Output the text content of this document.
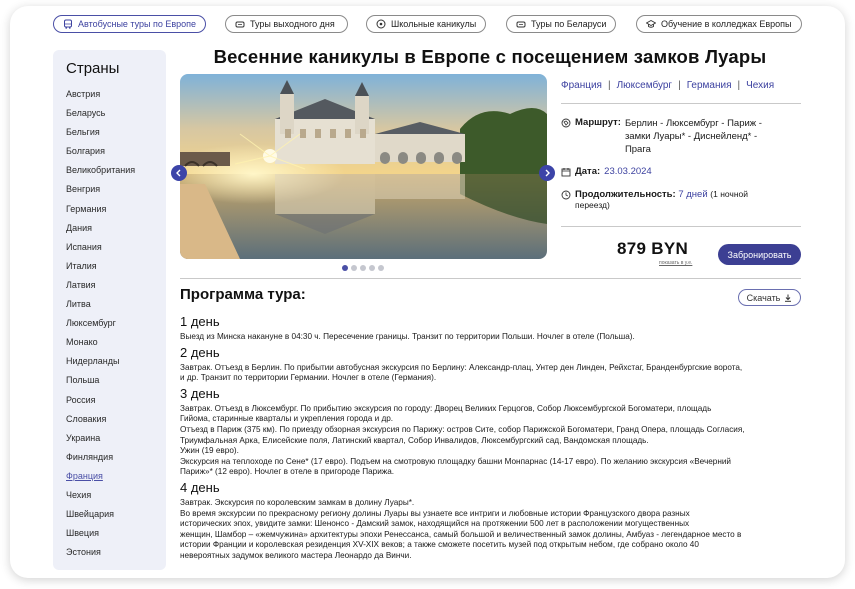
Автобусные туры по Европе	Туры выходного дня	Школьные каникулы	Туры по Беларуси	Обучение в колледжах Европы
Страны
Австрия
Беларусь
Бельгия
Болгария
Великобритания
Венгрия
Германия
Дания
Испания
Италия
Латвия
Литва
Люксембург
Монако
Нидерланды
Польша
Россия
Словакия
Украина
Финляндия
Франция
Чехия
Швейцария
Швеция
Эстония
Весенние каникулы в Европе с посещением замков Луары
Франция | Люксембург | Германия | Чехия
Маршрут: Берлин - Люксембург - Париж - замки Луары* - Диснейленд* - Прага
Дата: 23.03.2024
Продолжительность: 7 дней (1 ночной переезд)
879 BYN
показать в у.е.
Забронировать
Программа тура:	Скачать
1 день
Выезд из Минска накануне в 04:30 ч. Пересечение границы. Транзит по территории Польши. Ночлег в отеле (Польша).
2 день
Завтрак. Отъезд в Берлин. По прибытии автобусная экскурсия по Берлину: Александр-плац, Унтер ден Линден, Рейхстаг, Бранденбургские ворота,
и др. Транзит по территории Германии. Ночлег в отеле (Германия).
3 день
Завтрак. Отъезд в Люксембург. По прибытию экскурсия по городу: Дворец Великих Герцогов, Собор Люксембургской Богоматери, площадь
Гийома, старинные кварталы и укрепления города и др.
Отъезд в Париж (375 км). По приезду обзорная экскурсия по Парижу: остров Сите, собор Парижской Богоматери, Гранд Опера, площадь Согласия,
Триумфальная Арка, Елисейские поля, Латинский квартал, Собор Инвалидов, Люксембургский сад, Вандомская площадь.
Ужин (19 евро).
Экскурсия на теплоходе по Сене* (17 евро). Подъем на смотровую площадку башни Монпарнас (14-17 евро). По желанию экскурсия «Вечерний
Париж»* (12 евро). Ночлег в отеле в пригороде Парижа.
4 день
Завтрак. Экскурсия по королевским замкам в долину Луары*.
Во время экскурсии по прекрасному региону долины Луары вы узнаете все интриги и любовные истории Французского двора разных
исторических эпох, увидите замки: Шенонсо - Дамский замок, находящийся на протяжении 500 лет в расположении могущественных
женщин, Шамбор – «жемчужина» архитектуры эпохи Ренессанса, самый большой и величественный замок долины, Амбуаз - легендарное место в
истории Франции и королевская резиденция XV-XIX веков; а также сможете посетить музей под открытым небом, где собрано около 40
невероятных задумок великого мастера Леонардо да Винчи.
